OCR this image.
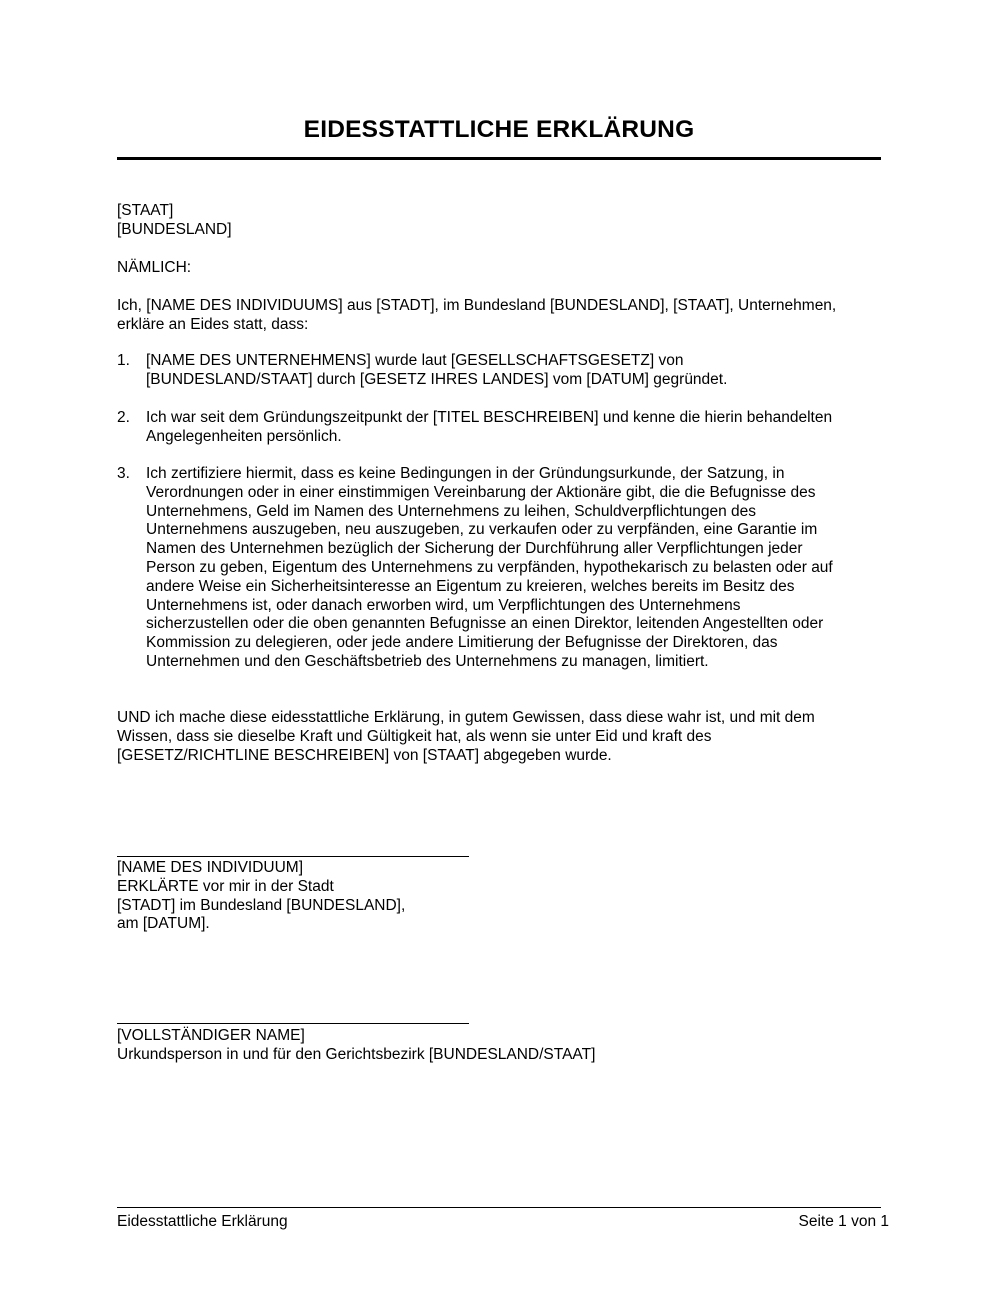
EIDESSTATTLICHE ERKLÄRUNG
[STAAT]
[BUNDESLAND]
NÄMLICH:
Ich, [NAME DES INDIVIDUUMS] aus [STADT], im Bundesland [BUNDESLAND], [STAAT], Unternehmen,
erkläre an Eides statt, dass:
1. [NAME DES UNTERNEHMENS] wurde laut [GESELLSCHAFTSGESETZ] von
[BUNDESLAND/STAAT] durch [GESETZ IHRES LANDES] vom [DATUM] gegründet.
2. Ich war seit dem Gründungszeitpunkt der [TITEL BESCHREIBEN] und kenne die hierin behandelten
Angelegenheiten persönlich.
3. Ich zertifiziere hiermit, dass es keine Bedingungen in der Gründungsurkunde, der Satzung, in
Verordnungen oder in einer einstimmigen Vereinbarung der Aktionäre gibt, die die Befugnisse des
Unternehmens, Geld im Namen des Unternehmens zu leihen, Schuldverpflichtungen des
Unternehmens auszugeben, neu auszugeben, zu verkaufen oder zu verpfänden, eine Garantie im
Namen des Unternehmen bezüglich der Sicherung der Durchführung aller Verpflichtungen jeder
Person zu geben, Eigentum des Unternehmens zu verpfänden, hypothekarisch zu belasten oder auf
andere Weise ein Sicherheitsinteresse an Eigentum zu kreieren, welches bereits im Besitz des
Unternehmens ist, oder danach erworben wird, um Verpflichtungen des Unternehmens
sicherzustellen oder die oben genannten Befugnisse an einen Direktor, leitenden Angestellten oder
Kommission zu delegieren, oder jede andere Limitierung der Befugnisse der Direktoren, das
Unternehmen und den Geschäftsbetrieb des Unternehmens zu managen, limitiert.
UND ich mache diese eidesstattliche Erklärung, in gutem Gewissen, dass diese wahr ist, und mit dem
Wissen, dass sie dieselbe Kraft und Gültigkeit hat, als wenn sie unter Eid und kraft des
[GESETZ/RICHTLINE BESCHREIBEN] von [STAAT] abgegeben wurde.
[NAME DES INDIVIDUUM]
ERKLÄRTE vor mir in der Stadt
[STADT] im Bundesland [BUNDESLAND],
am [DATUM].
[VOLLSTÄNDIGER NAME]
Urkundsperson in und für den Gerichtsbezirk [BUNDESLAND/STAAT]
Eidesstattliche Erklärung	Seite 1 von 1
